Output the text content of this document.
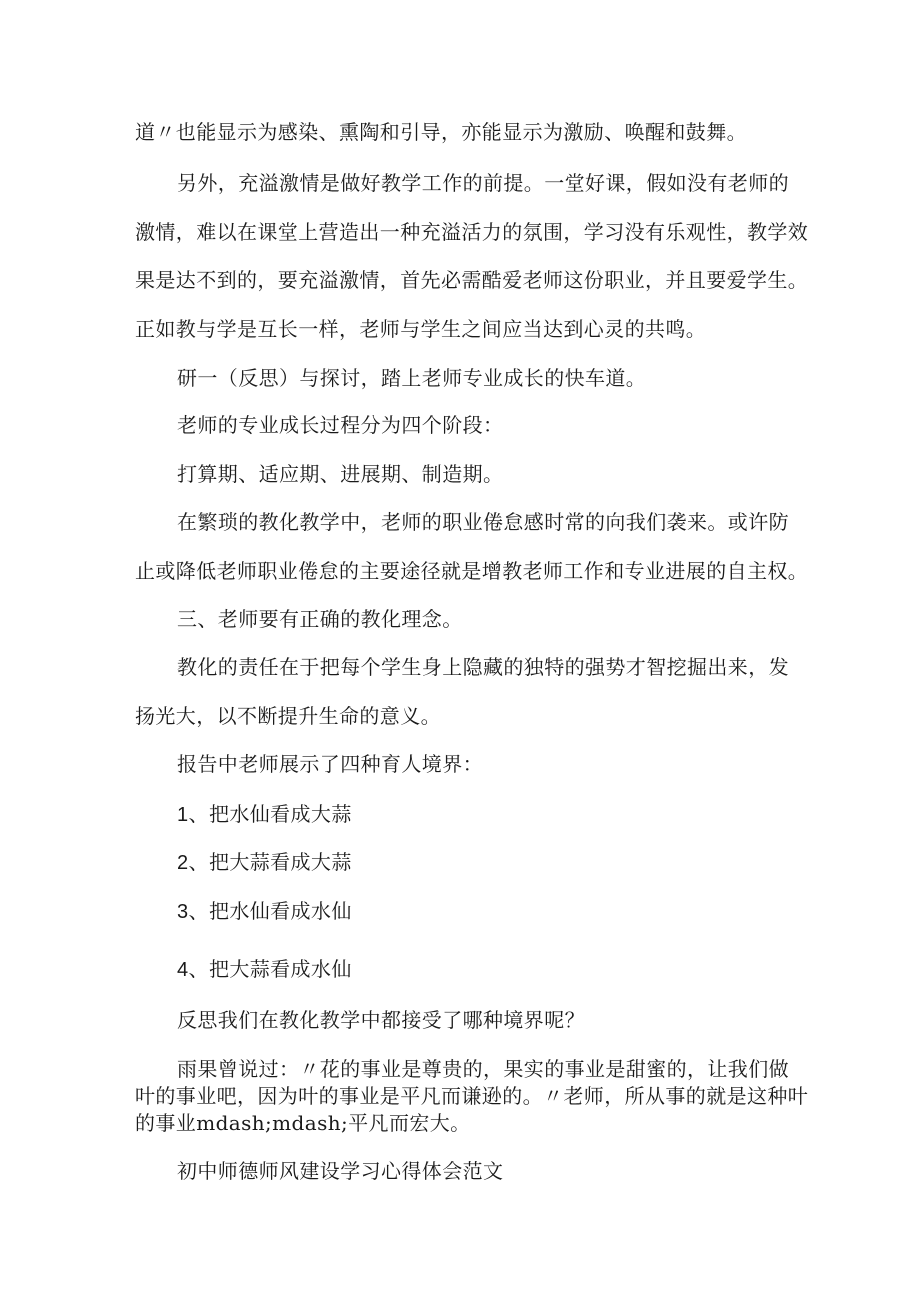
道〃也能显示为感染、熏陶和引导，亦能显示为激励、唤醒和鼓舞。
另外，充溢激情是做好教学工作的前提。一堂好课，假如没有老师的
激情，难以在课堂上营造出一种充溢活力的氛围，学习没有乐观性，教学效
果是达不到的，要充溢激情，首先必需酷爱老师这份职业，并且要爱学生。
正如教与学是互长一样，老师与学生之间应当达到心灵的共鸣。
研一（反思）与探讨，踏上老师专业成长的快车道。
老师的专业成长过程分为四个阶段：
打算期、适应期、进展期、制造期。
在繁琐的教化教学中，老师的职业倦怠感时常的向我们袭来。或许防
止或降低老师职业倦怠的主要途径就是增教老师工作和专业进展的自主权。
三、老师要有正确的教化理念。
教化的责任在于把每个学生身上隐藏的独特的强势才智挖掘出来，发
扬光大，以不断提升生命的意义。
报告中老师展示了四种育人境界：
1、把水仙看成大蒜
2、把大蒜看成大蒜
3、把水仙看成水仙
4、把大蒜看成水仙
反思我们在教化教学中都接受了哪种境界呢？
雨果曾说过：〃花的事业是尊贵的，果实的事业是甜蜜的，让我们做
叶的事业吧，因为叶的事业是平凡而谦逊的。〃老师，所从事的就是这种叶
的事业mdash;mdash;平凡而宏大。
初中师德师风建设学习心得体会范文
